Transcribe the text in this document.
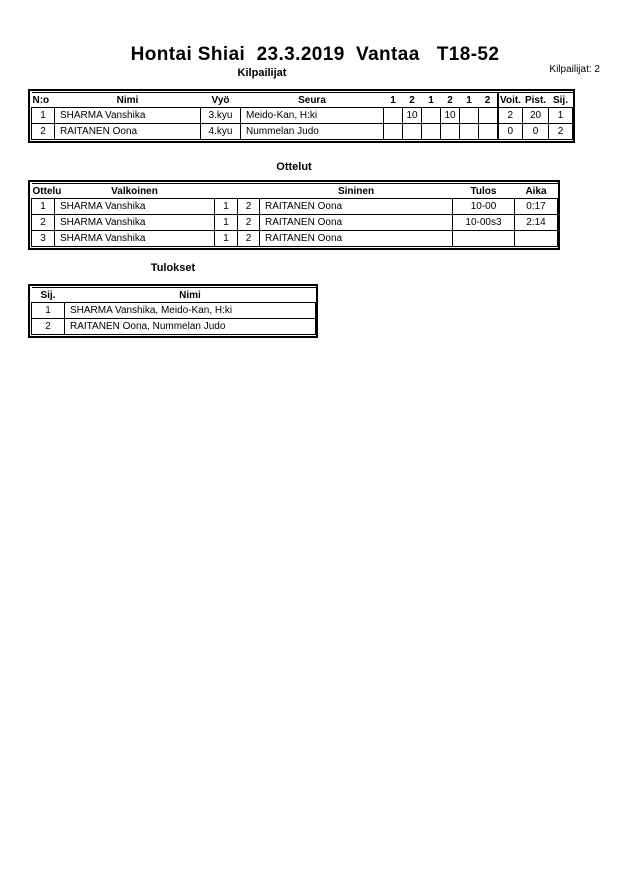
Hontai Shiai  23.3.2019  Vantaa   T18-52
Kilpailijat	Kilpailijat: 2
N:o	Nimi	Vyö	Seura	1	2	1	2	1	2	Voit.	Pist.	Sij.
1	SHARMA Vanshika	3.kyu	Meido-Kan, H:ki		10		10			2	20	1
2	RAITANEN Oona	4.kyu	Nummelan Judo							0	0	2
Ottelut
Ottelu	Valkoinen			Sininen	Tulos	Aika
1	SHARMA Vanshika	1	2	RAITANEN Oona	10-00	0:17
2	SHARMA Vanshika	1	2	RAITANEN Oona	10-00s3	2:14
3	SHARMA Vanshika	1	2	RAITANEN Oona		
Tulokset
Sij.	Nimi
1	SHARMA Vanshika, Meido-Kan, H:ki
2	RAITANEN Oona, Nummelan Judo
